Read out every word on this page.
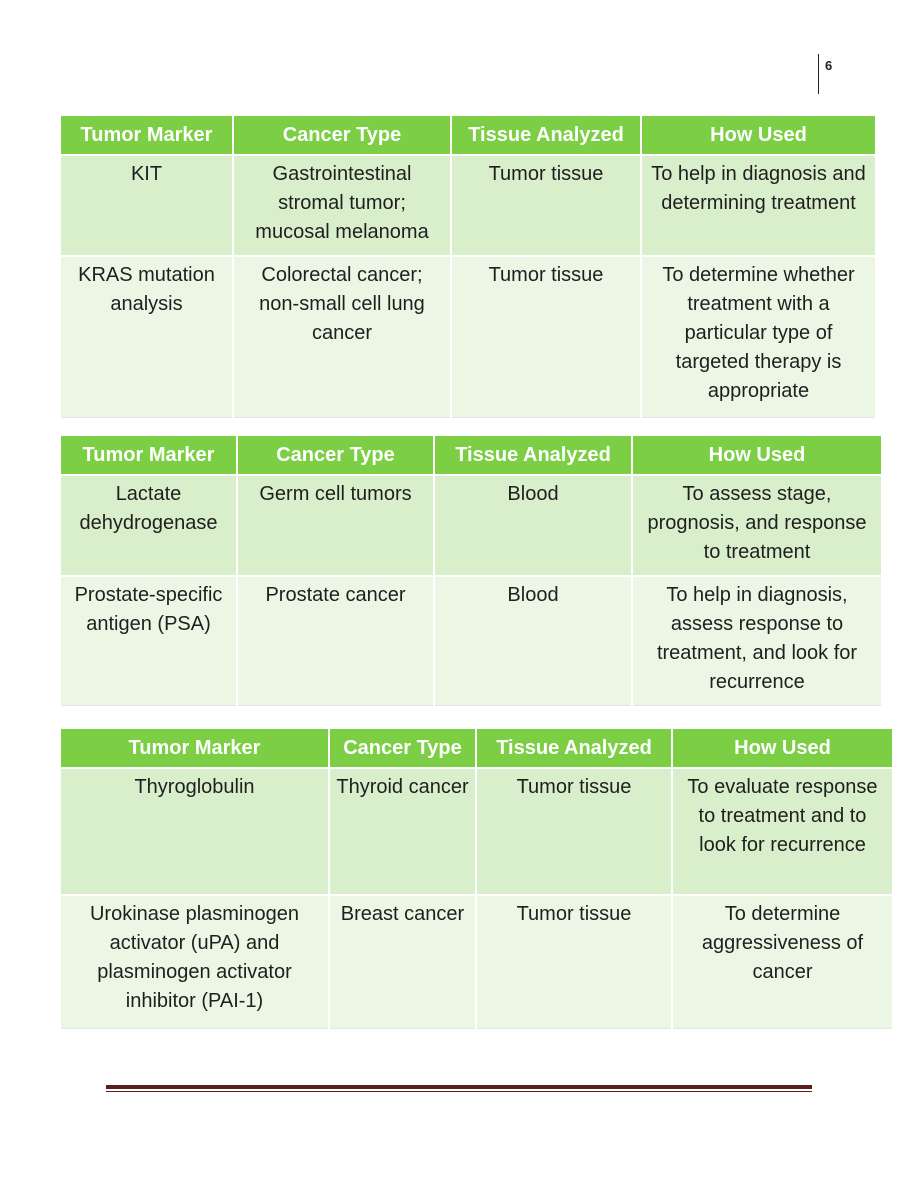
6
Tumor Marker	Cancer Type	Tissue Analyzed	How Used
KIT	Gastrointestinal stromal tumor; mucosal melanoma	Tumor tissue	To help in diagnosis and determining treatment
KRAS mutation analysis	Colorectal cancer; non-small cell lung cancer	Tumor tissue	To determine whether treatment with a particular type of targeted therapy is appropriate
Tumor Marker	Cancer Type	Tissue Analyzed	How Used
Lactate dehydrogenase	Germ cell tumors	Blood	To assess stage, prognosis, and response to treatment
Prostate-specific antigen (PSA)	Prostate cancer	Blood	To help in diagnosis, assess response to treatment, and look for recurrence
Tumor Marker	Cancer Type	Tissue Analyzed	How Used
Thyroglobulin	Thyroid cancer	Tumor tissue	To evaluate response to treatment and to look for recurrence
Urokinase plasminogen activator (uPA) and plasminogen activator inhibitor (PAI-1)	Breast cancer	Tumor tissue	To determine aggressiveness of cancer
